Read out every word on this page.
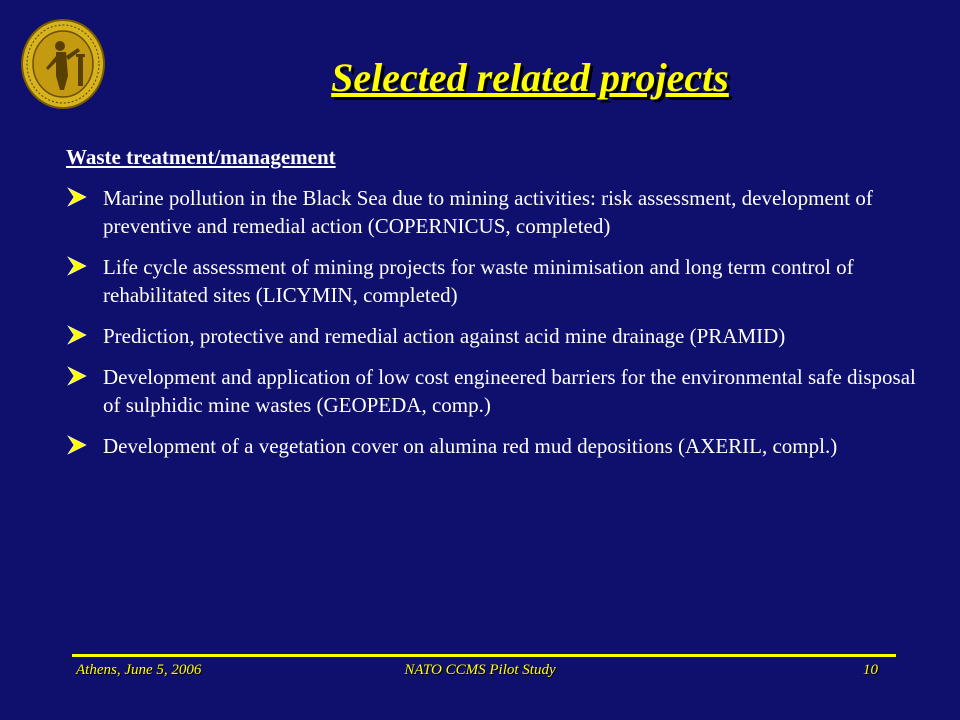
Selected related projects
Waste treatment/management
Marine pollution in the Black Sea due to mining activities: risk assessment, development of preventive and remedial action (COPERNICUS, completed)
Life cycle assessment of mining projects for waste minimisation and long term control of rehabilitated sites (LICYMIN, completed)
Prediction, protective and remedial action against acid mine drainage (PRAMID)
Development and application of low cost engineered barriers for the environmental safe disposal of sulphidic mine wastes (GEOPEDA, comp.)
Development of a vegetation cover on alumina red mud depositions (AXERIL, compl.)
Athens, June 5, 2006	NATO CCMS Pilot Study	10
